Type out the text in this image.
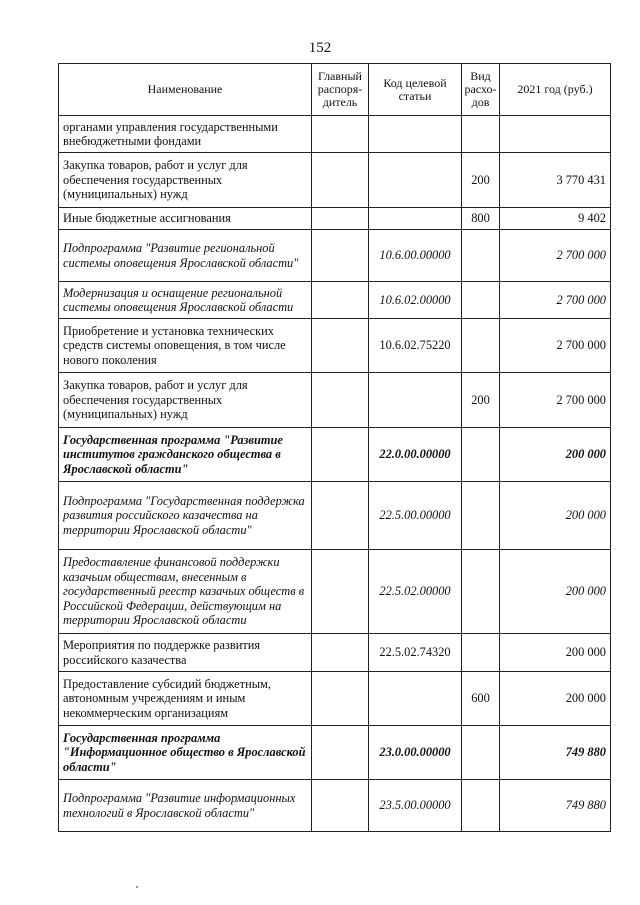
152
Наименование	Главный распоря-дитель	Код целевой статьи	Вид расхо-дов	2021 год (руб.)
органами управления государственными внебюджетными фондами				
Закупка товаров, работ и услуг для обеспечения государственных (муниципальных) нужд			200	3 770 431
Иные бюджетные ассигнования			800	9 402
Подпрограмма "Развитие региональной системы оповещения Ярославской области"		10.6.00.00000		2 700 000
Модернизация и оснащение региональной системы оповещения Ярославской области		10.6.02.00000		2 700 000
Приобретение и установка технических средств системы оповещения, в том числе нового поколения		10.6.02.75220		2 700 000
Закупка товаров, работ и услуг для обеспечения государственных (муниципальных) нужд			200	2 700 000
Государственная программа "Развитие институтов гражданского общества в Ярославской области"		22.0.00.00000		200 000
Подпрограмма "Государственная поддержка развития российского казачества на территории Ярославской области"		22.5.00.00000		200 000
Предоставление финансовой поддержки казачьим обществам, внесенным в государственный реестр казачьих обществ в Российской Федерации, действующим на территории Ярославской области		22.5.02.00000		200 000
Мероприятия по поддержке развития российского казачества		22.5.02.74320		200 000
Предоставление субсидий бюджетным, автономным учреждениям и иным некоммерческим организациям			600	200 000
Государственная программа "Информационное общество в Ярославской области"		23.0.00.00000		749 880
Подпрограмма "Развитие информационных технологий в Ярославской области"		23.5.00.00000		749 880
